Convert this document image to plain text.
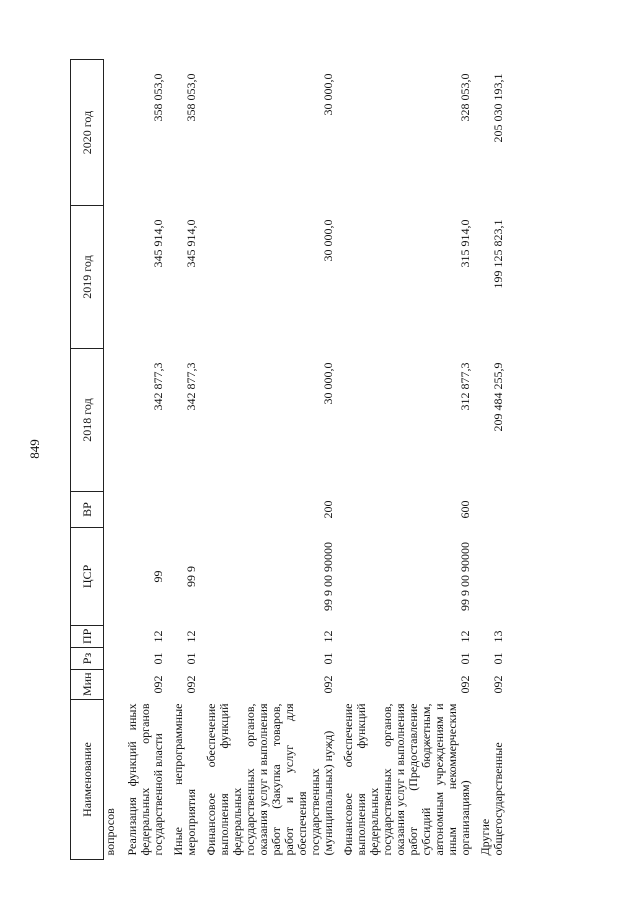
849
Наименование	Мин	Рз	ПР	ЦСР	ВР	2018 год	2019 год	2020 год
вопросов								
Реализация функций иных федеральных органов государственной власти	092	01	12	99		342 877,3	345 914,0	358 053,0
Иные непрограммные мероприятия	092	01	12	99 9		342 877,3	345 914,0	358 053,0
Финансовое обеспечение выполнения функций федеральных государственных органов, оказания услуг и выполнения работ (Закупка товаров, работ и услуг для обеспечения государственных (муниципальных) нужд)	092	01	12	99 9 00 90000	200	30 000,0	30 000,0	30 000,0
Финансовое обеспечение выполнения функций федеральных государственных органов, оказания услуг и выполнения работ (Предоставление субсидий бюджетным, автономным учреждениям и иным некоммерческим организациям)	092	01	12	99 9 00 90000	600	312 877,3	315 914,0	328 053,0
Другие общегосударственные	092	01	13			209 484 255,9	199 125 823,1	205 030 193,1
